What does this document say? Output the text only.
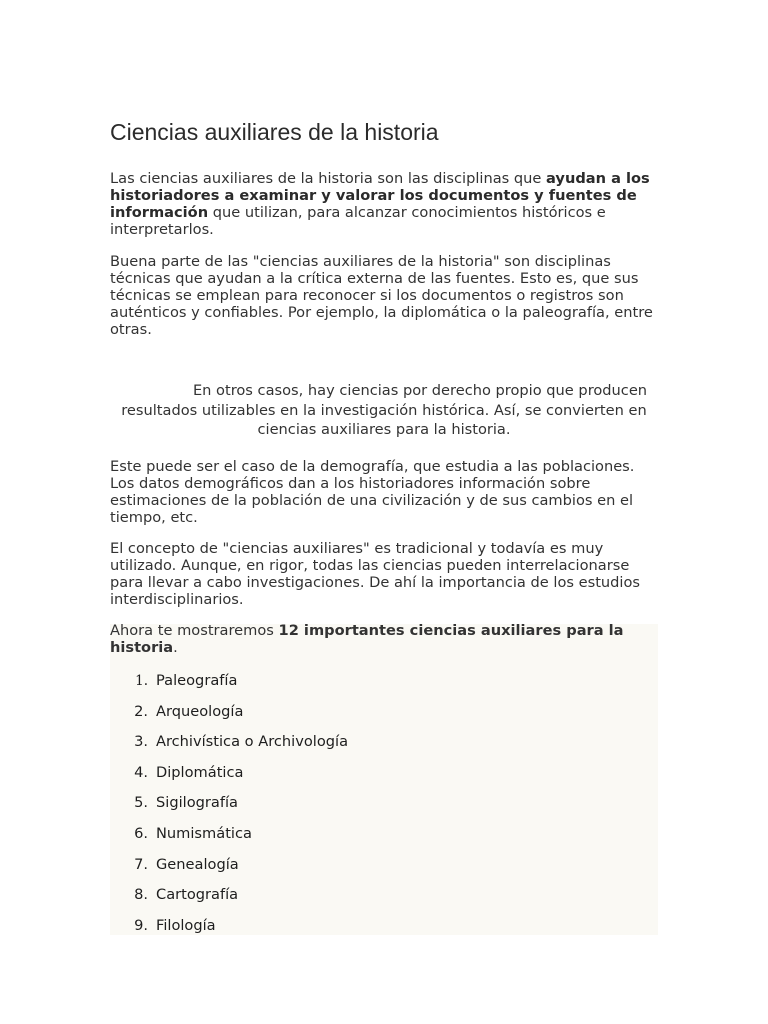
Ciencias auxiliares de la historia

Las ciencias auxiliares de la historia son las disciplinas que ayudan a los historiadores a examinar y valorar los documentos y fuentes de información que utilizan, para alcanzar conocimientos históricos e interpretarlos.

Buena parte de las "ciencias auxiliares de la historia" son disciplinas técnicas que ayudan a la crítica externa de las fuentes. Esto es, que sus técnicas se emplean para reconocer si los documentos o registros son auténticos y confiables. Por ejemplo, la diplomática o la paleografía, entre otras.

En otros casos, hay ciencias por derecho propio que producen resultados utilizables en la investigación histórica. Así, se convierten en ciencias auxiliares para la historia.

Este puede ser el caso de la demografía, que estudia a las poblaciones. Los datos demográficos dan a los historiadores información sobre estimaciones de la población de una civilización y de sus cambios en el tiempo, etc.

El concepto de "ciencias auxiliares" es tradicional y todavía es muy utilizado. Aunque, en rigor, todas las ciencias pueden interrelacionarse para llevar a cabo investigaciones. De ahí la importancia de los estudios interdisciplinarios.

Ahora te mostraremos 12 importantes ciencias auxiliares para la historia.

1. Paleografía
2. Arqueología
3. Archivística o Archivología
4. Diplomática
5. Sigilografía
6. Numismática
7. Genealogía
8. Cartografía
9. Filología
